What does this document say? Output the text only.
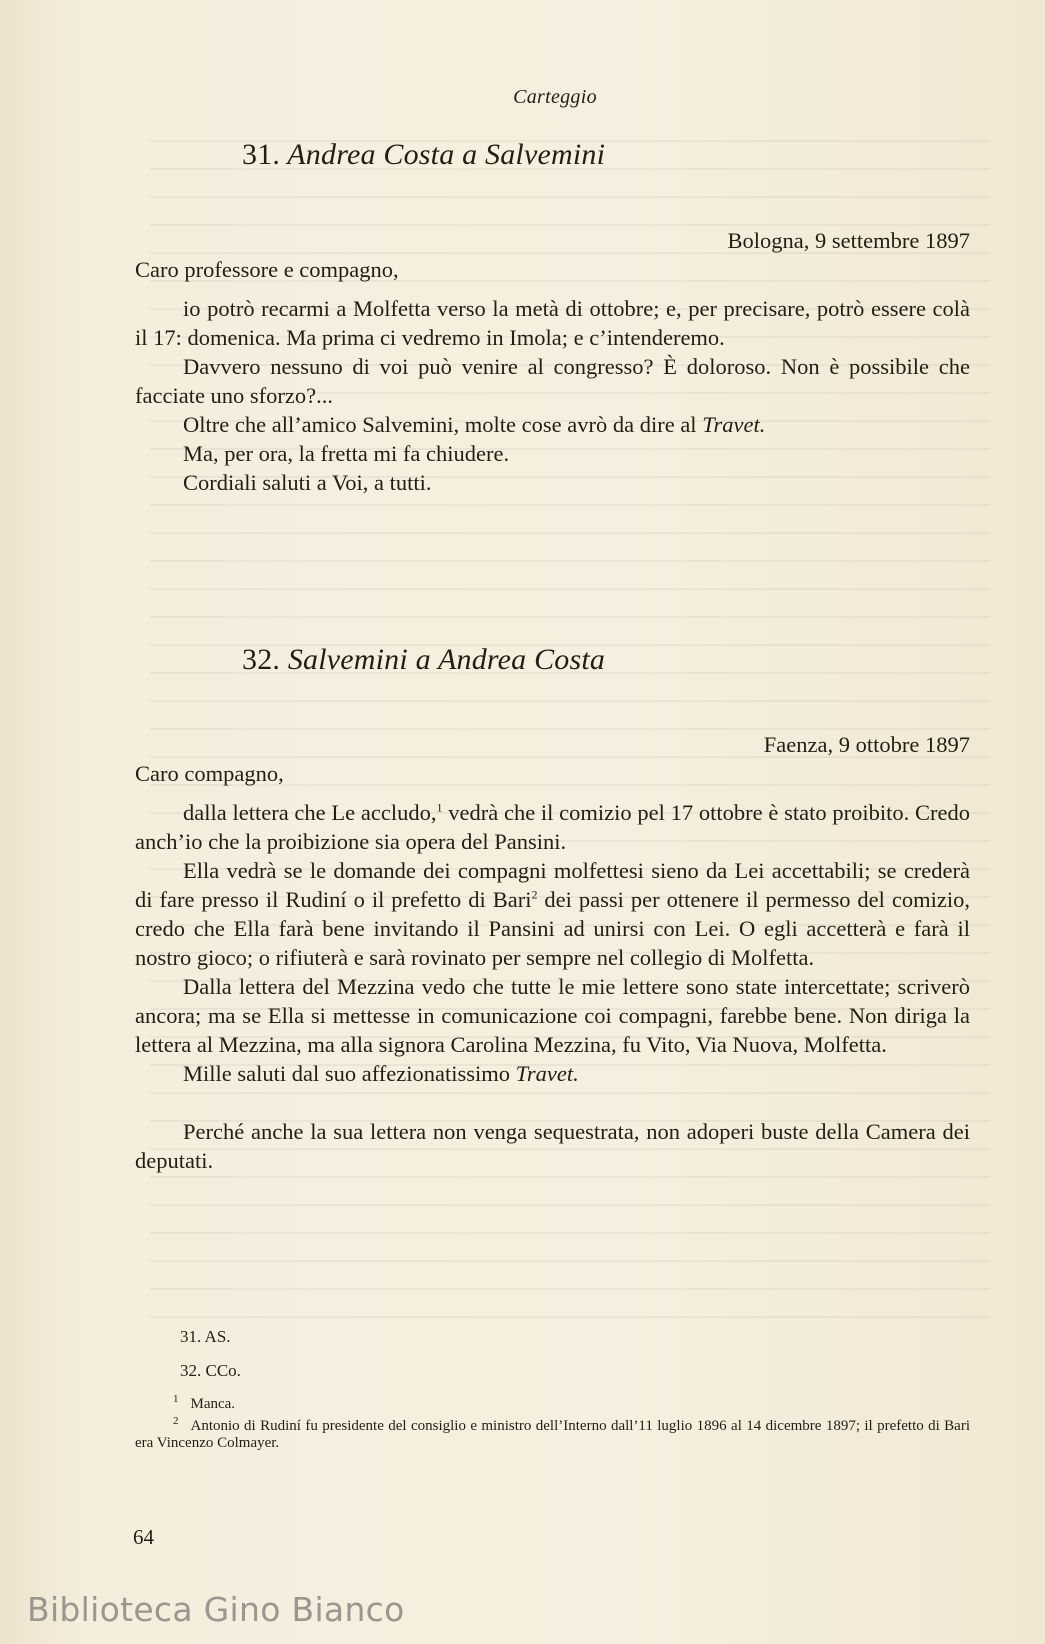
Carteggio
31. Andrea Costa a Salvemini
Bologna, 9 settembre 1897
Caro professore e compagno,

io potrò recarmi a Molfetta verso la metà di ottobre; e, per precisare, potrò essere colà il 17: domenica. Ma prima ci vedremo in Imola; e c’intenderemo.

Davvero nessuno di voi può venire al congresso? È doloroso. Non è possibile che facciate uno sforzo?...

Oltre che all’amico Salvemini, molte cose avrò da dire al Travet.

Ma, per ora, la fretta mi fa chiudere.

Cordiali saluti a Voi, a tutti.

32. Salvemini a Andrea Costa
Faenza, 9 ottobre 1897
Caro compagno,

dalla lettera che Le accludo,$^1$ vedrà che il comizio pel 17 ottobre è stato proibito. Credo anch’io che la proibizione sia opera del Pansini.

Ella vedrà se le domande dei compagni molfettesi sieno da Lei accettabili; se crederà di fare presso il Rudiní o il prefetto di Bari$^2$ dei passi per ottenere il permesso del comizio, credo che Ella farà bene invitando il Pansini ad unirsi con Lei. O egli accetterà e farà il nostro gioco; o rifiuterà e sarà rovinato per sempre nel collegio di Molfetta.

Dalla lettera del Mezzina vedo che tutte le mie lettere sono state intercettate; scriverò ancora; ma se Ella si mettesse in comunicazione coi compagni, farebbe bene. Non diriga la lettera al Mezzina, ma alla signora Carolina Mezzina, fu Vito, Via Nuova, Molfetta.

Mille saluti dal suo affezionatissimo Travet.

Perché anche la sua lettera non venga sequestrata, non adoperi buste della Camera dei deputati.

31. AS.
32. CCo.
$^1$ Manca.
$^2$ Antonio di Rudiní fu presidente del consiglio e ministro dell’Interno dall’11 luglio 1896 al 14 dicembre 1897; il prefetto di Bari era Vincenzo Colmayer.
64
Biblioteca Gino Bianco
